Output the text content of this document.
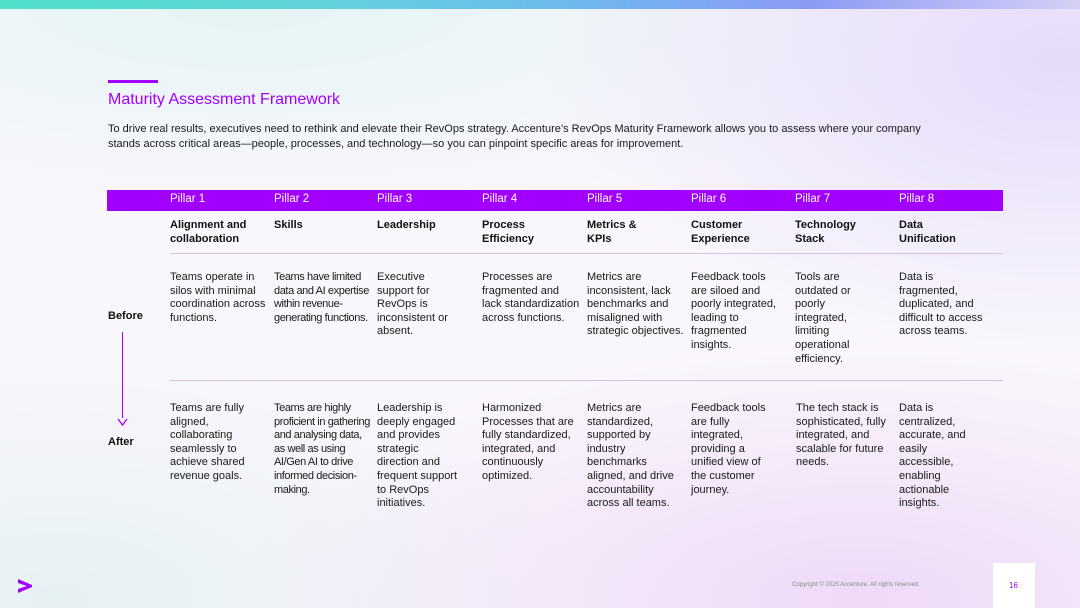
Maturity Assessment Framework
To drive real results, executives need to rethink and elevate their RevOps strategy. Accenture’s RevOps Maturity Framework allows you to assess where your company stands across critical areas—people, processes, and technology—so you can pinpoint specific areas for improvement.
Pillar 1
Alignment and collaboration
Teams operate in silos with minimal coordination across functions.
Teams are fully aligned, collaborating seamlessly to achieve shared revenue goals.
Pillar 2
Skills
Teams have limited data and AI expertise within revenue-generating functions.
Teams are highly proficient in gathering and analysing data, as well as using AI/Gen AI to drive informed decision-making.
Pillar 3
Leadership
Executive support for RevOps is inconsistent or absent.
Leadership is deeply engaged and provides strategic direction and frequent support to RevOps initiatives.
Pillar 4
Process Efficiency
Processes are fragmented and lack standardization across functions.
Harmonized Processes that are fully standardized, integrated, and continuously optimized.
Pillar 5
Metrics & KPIs
Metrics are inconsistent, lack benchmarks and misaligned with strategic objectives.
Metrics are standardized, supported by industry benchmarks aligned, and drive accountability across all teams.
Pillar 6
Customer Experience
Feedback tools are siloed and poorly integrated, leading to fragmented insights.
Feedback tools are fully integrated, providing a unified view of the customer journey.
Pillar 7
Technology Stack
Tools are outdated or poorly integrated, limiting operational efficiency.
The tech stack is sophisticated, fully integrated, and scalable for future needs.
Pillar 8
Data Unification
Data is fragmented, duplicated, and difficult to access across teams.
Data is centralized, accurate, and easily accessible, enabling actionable insights.
Before
After
Copyright © 2025 Accenture. All rights reserved.	16
